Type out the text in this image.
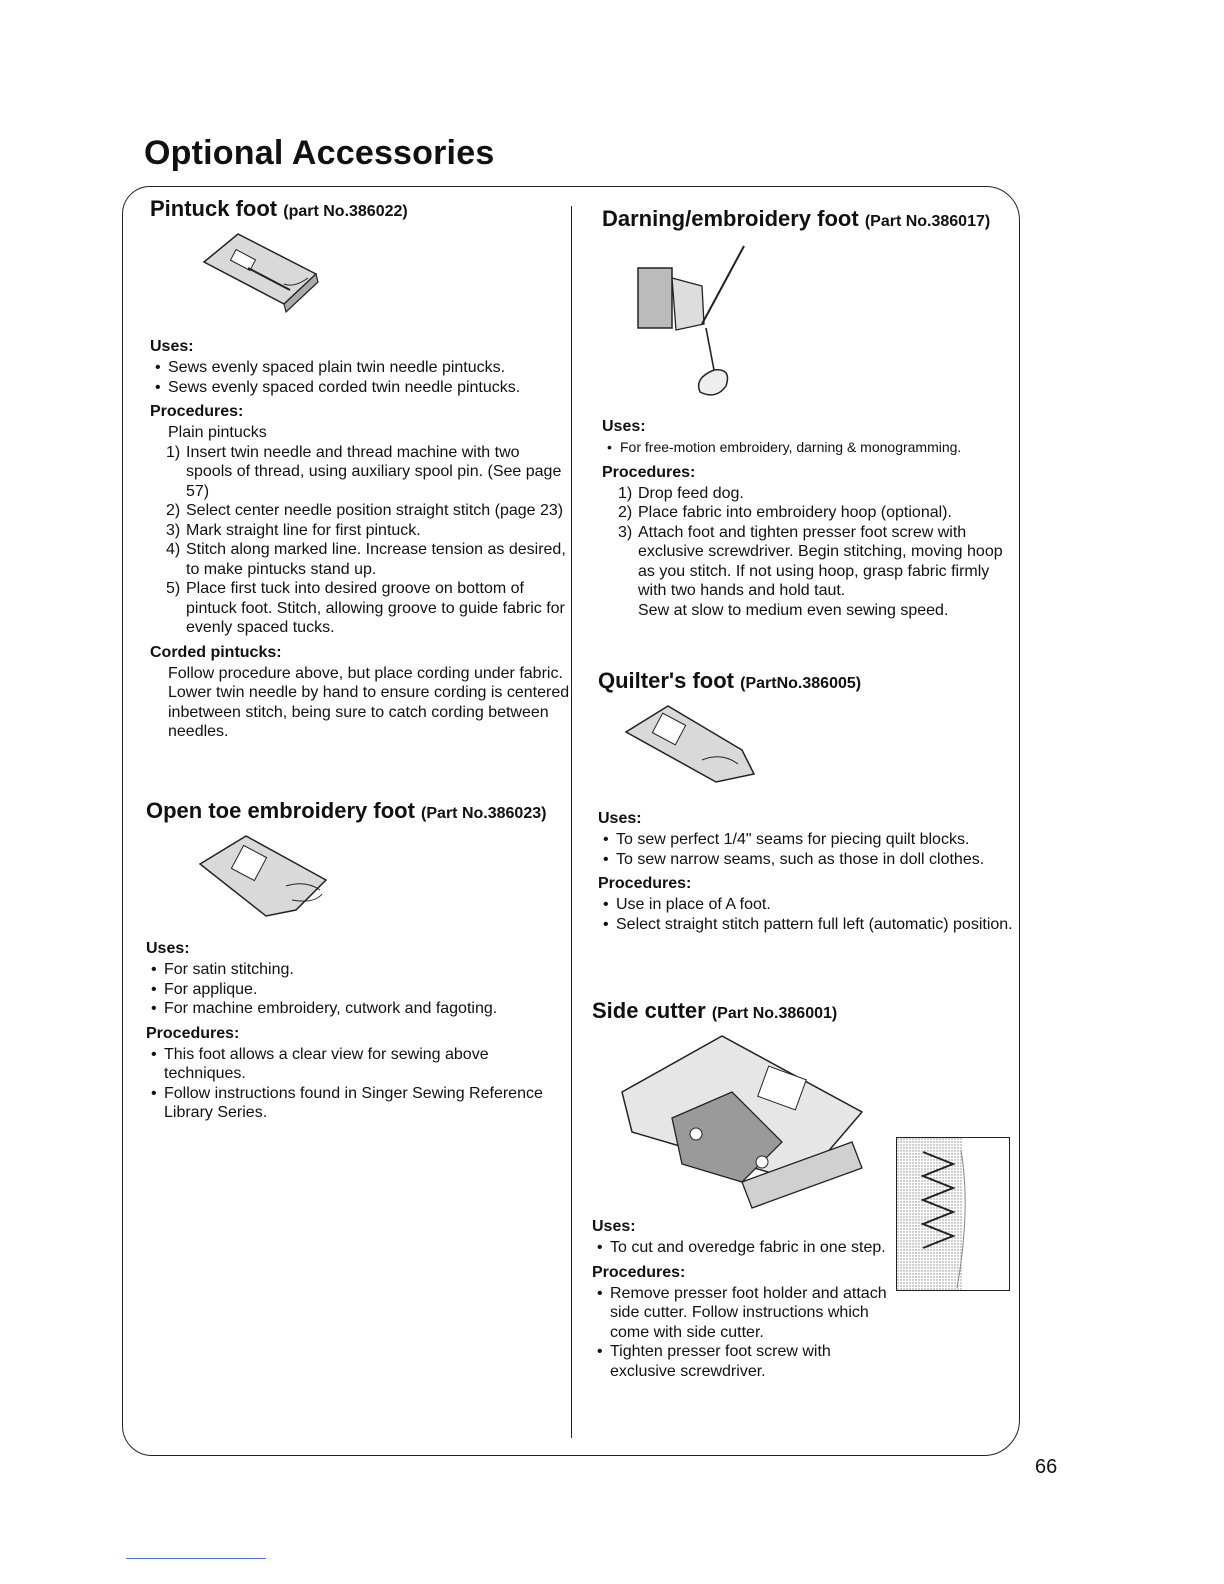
Optional Accessories
Pintuck foot (part No.386022)
Uses:
• Sews evenly spaced plain twin needle pintucks.
• Sews evenly spaced corded twin needle pintucks.
Procedures:

Plain pintucks

1) Insert twin needle and thread machine with two spools of thread, using auxiliary spool pin. (See page 57)
2) Select center needle position straight stitch (page 23)
3) Mark straight line for first pintuck.
4) Stitch along marked line. Increase tension as desired, to make pintucks stand up.
5) Place first tuck into desired groove on bottom of pintuck foot. Stitch, allowing groove to guide fabric for evenly spaced tucks.
Corded pintucks:

Follow procedure above, but place cording under fabric. Lower twin needle by hand to ensure cording is centered inbetween stitch, being sure to catch cording between needles.

Open toe embroidery foot (Part No.386023)
Uses:
• For satin stitching.
• For applique.
• For machine embroidery, cutwork and fagoting.
Procedures:
• This foot allows a clear view for sewing above techniques.
• Follow instructions found in Singer Sewing Reference Library Series.
Darning/embroidery foot (Part No.386017)
Uses:
• For free-motion embroidery, darning & monogramming.
Procedures:
1) Drop feed dog.
2) Place fabric into embroidery hoop (optional).
3) Attach foot and tighten presser foot screw with exclusive screwdriver. Begin stitching, moving hoop as you stitch. If not using hoop, grasp fabric firmly with two hands and hold taut.

Sew at slow to medium even sewing speed.

Quilter's foot (PartNo.386005)
Uses:
• To sew perfect 1/4" seams for piecing quilt blocks.
• To sew narrow seams, such as those in doll clothes.
Procedures:
• Use in place of A foot.
• Select straight stitch pattern full left (automatic) position.
Side cutter (Part No.386001)
Uses:
• To cut and overedge fabric in one step.
Procedures:
• Remove presser foot holder and attach side cutter. Follow instructions which come with side cutter.
• Tighten presser foot screw with exclusive screwdriver.
66
